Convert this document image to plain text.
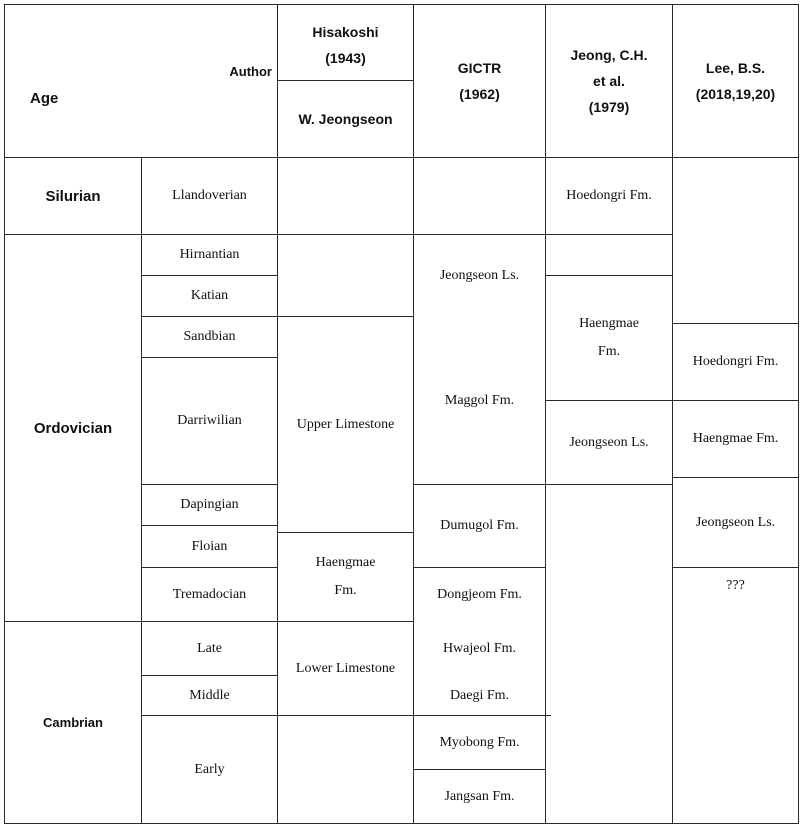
Author
Age
Hisakoshi
(1943)
W. Jeongseon
GICTR
(1962)
Jeong, C.H.
et al.
(1979)
Lee, B.S.
(2018,19,20)
Silurian
Ordovician
Cambrian
Llandoverian
Hirnantian
Katian
Sandbian
Darriwilian
Dapingian
Floian
Tremadocian
Late
Middle
Early
Upper Limestone
Haengmae
Fm.
Lower Limestone
Jeongseon Ls.
Maggol Fm.
Dumugol Fm.
Dongjeom Fm.
Hwajeol Fm.
Daegi Fm.
Myobong Fm.
Jangsan Fm.
Hoedongri Fm.
Haengmae
Fm.
Jeongseon Ls.
Hoedongri Fm.
Haengmae Fm.
Jeongseon Ls.
???
